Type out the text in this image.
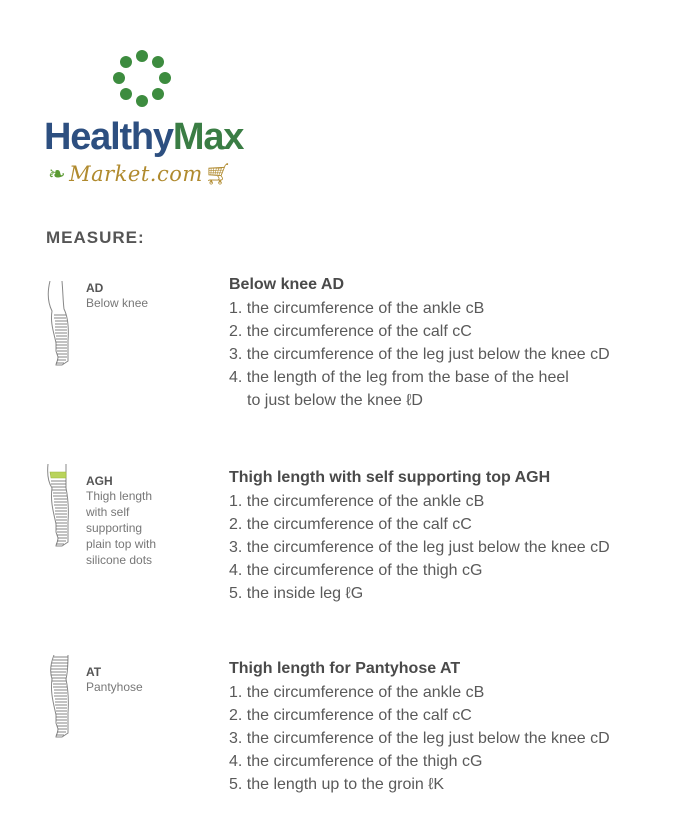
HealthyMax
❧ Market.com🛒︎
MEASURE:
AD
Below knee
Below knee AD
1. the circumference of the ankle cB
2. the circumference of the calf cC
3. the circumference of the leg just below the knee cD
4. the length of the leg from the base of the heel
to just below the knee ℓD
AGH
Thigh length with self supporting plain top with silicone dots
Thigh length with self supporting top AGH
1. the circumference of the ankle cB
2. the circumference of the calf cC
3. the circumference of the leg just below the knee cD
4. the circumference of the thigh cG
5. the inside leg ℓG
AT
Pantyhose
Thigh length for Pantyhose AT
1. the circumference of the ankle cB
2. the circumference of the calf cC
3. the circumference of the leg just below the knee cD
4. the circumference of the thigh cG
5. the length up to the groin ℓK
